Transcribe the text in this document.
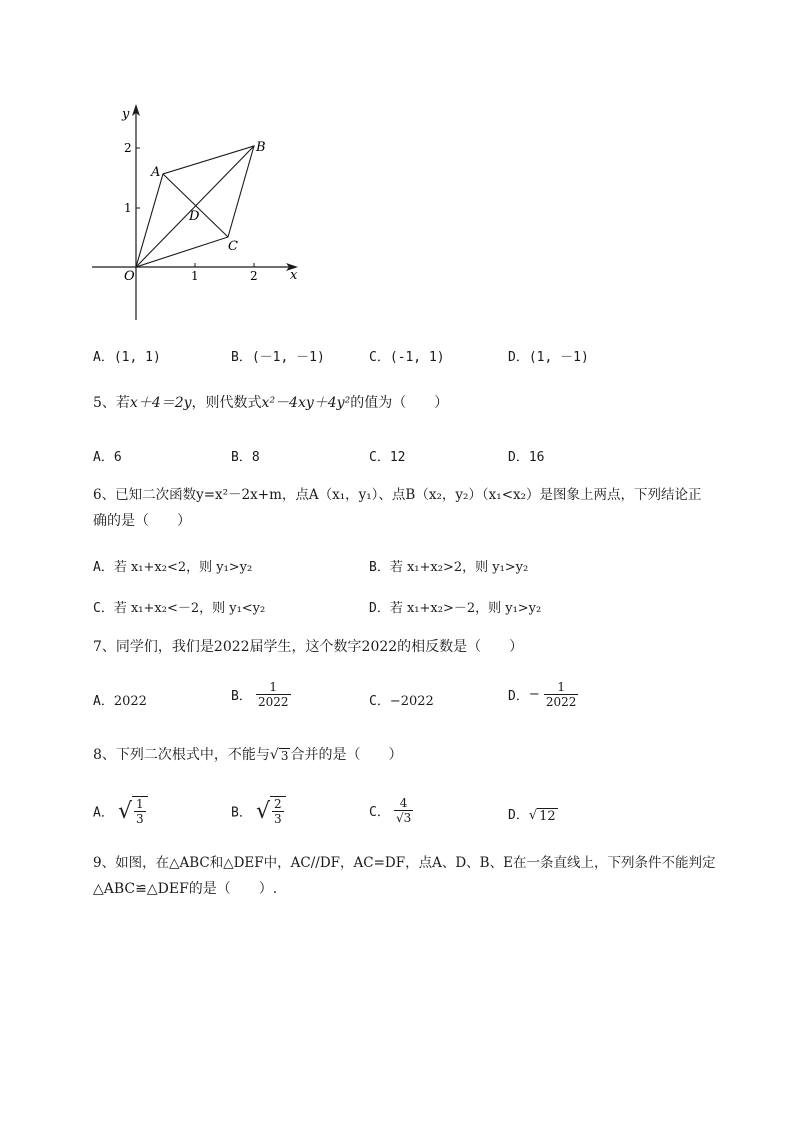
y
x
O	1	2
1
2
A
B
C
D
A．(1, 1)	B．(－1, －1)	C．(-1, 1)	D．(1, －1)
5、若x＋4＝2y，则代数式x²－4xy＋4y²的值为（　　）
A．6	B．8	C．12	D．16
6、已知二次函数y=x²－2x+m，点A（x₁，y₁）、点B（x₂，y₂）（x₁<x₂）是图象上两点，下列结论正
确的是（　　）
A．若 x₁+x₂<2，则 y₁>y₂	B．若 x₁+x₂>2，则 y₁>y₂
C．若 x₁+x₂<－2，则 y₁<y₂	D．若 x₁+x₂>－2，则 y₁>y₂
7、同学们，我们是2022届学生，这个数字2022的相反数是（　　）
A．2022	B． $\frac{1}{2022}$	C．−2022	D．− $\frac{1}{2022}$
8、下列二次根式中，不能与√ 3 合并的是（　　）
A． √ $\frac{1}{3}$	B． √ $\frac{2}{3}$	C． $\frac{4}{√3}$	D．√ 12
9、如图，在△ABC和△DEF中，AC//DF，AC=DF，点A、D、B、E在一条直线上，下列条件不能判定
△ABC≌△DEF的是（　　）.
